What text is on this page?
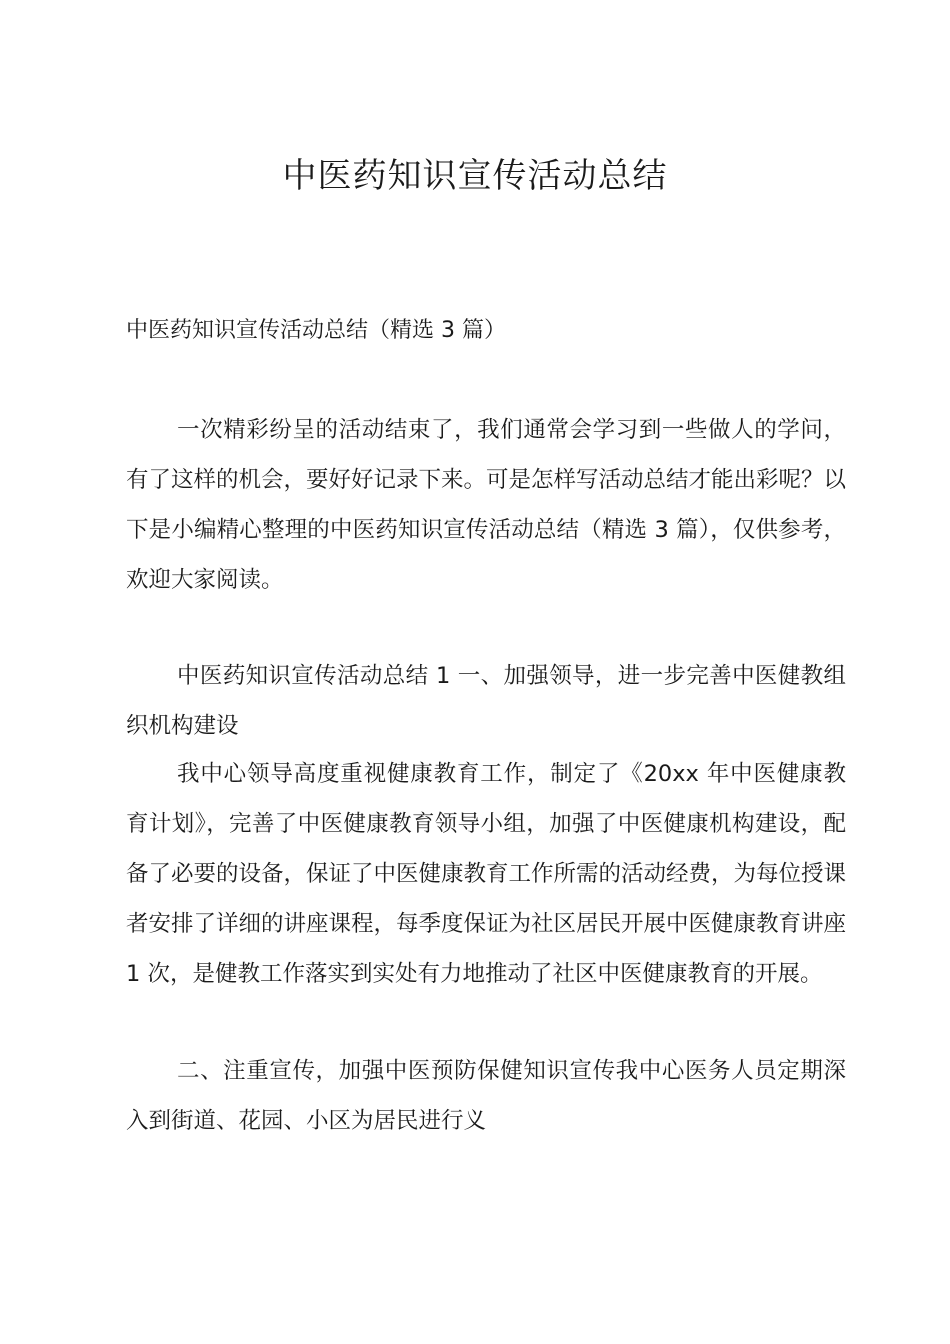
中医药知识宣传活动总结

中医药知识宣传活动总结（精选 3 篇）

一次精彩纷呈的活动结束了，我们通常会学习到一些做人的学问，有了这样的机会，要好好记录下来。可是怎样写活动总结才能出彩呢？以下是小编精心整理的中医药知识宣传活动总结（精选 3 篇），仅供参考，欢迎大家阅读。

中医药知识宣传活动总结 1 一、加强领导，进一步完善中医健教组织机构建设

我中心领导高度重视健康教育工作，制定了《20xx 年中医健康教育计划》，完善了中医健康教育领导小组，加强了中医健康机构建设，配备了必要的设备，保证了中医健康教育工作所需的活动经费，为每位授课者安排了详细的讲座课程，每季度保证为社区居民开展中医健康教育讲座 1 次，是健教工作落实到实处有力地推动了社区中医健康教育的开展。

二、注重宣传，加强中医预防保健知识宣传我中心医务人员定期深入到街道、花园、小区为居民进行义
